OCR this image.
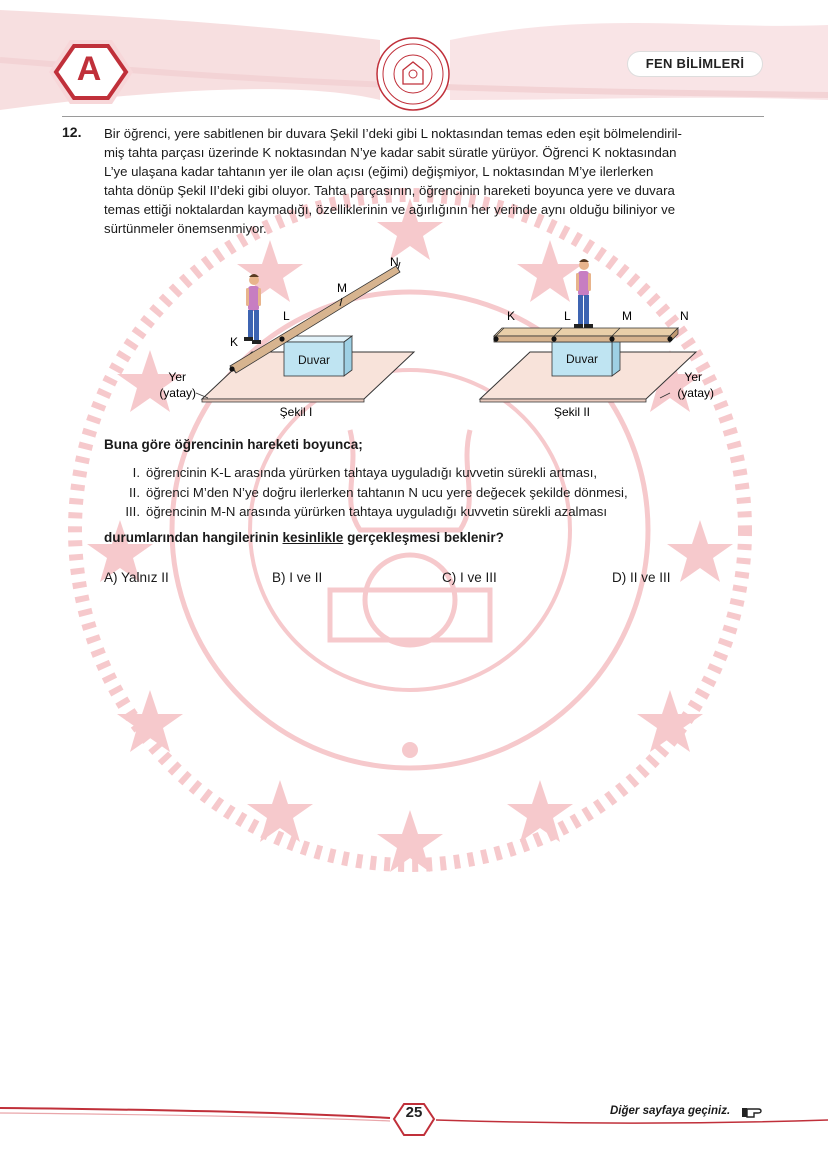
A	FEN BİLİMLERİ
12. Bir öğrenci, yere sabitlenen bir duvara Şekil I’deki gibi L noktasından temas eden eşit bölmelendiril-

miş tahta parçası üzerinde K noktasından N’ye kadar sabit süratle yürüyor. Öğrenci K noktasından

L’ye ulaşana kadar tahtanın yer ile olan açısı (eğimi) değişmiyor, L noktasından M’ye ilerlerken

tahta dönüp Şekil II’deki gibi oluyor. Tahta parçasının, öğrencinin hareketi boyunca yere ve duvara

temas ettiği noktalardan kaymadığı, özelliklerinin ve ağırlığının her yerinde aynı olduğu biliniyor ve

sürtünmeler önemsenmiyor.

Duvar
K
L
M
N
Yer
(yatay)
Şekil I
Duvar
K	L	M	N
Yer
(yatay)
Şekil II
Buna göre öğrencinin hareketi boyunca;
I. öğrencinin K-L arasında yürürken tahtaya uyguladığı kuvvetin sürekli artması,
II. öğrenci M’den N’ye doğru ilerlerken tahtanın N ucu yere değecek şekilde dönmesi,
III. öğrencinin M-N arasında yürürken tahtaya uyguladığı kuvvetin sürekli azalması
durumlarından hangilerinin kesinlikle gerçekleşmesi beklenir?
A) Yalnız II	B) I ve II	C) I ve III	D) II ve III
25	Diğer sayfaya geçiniz.
